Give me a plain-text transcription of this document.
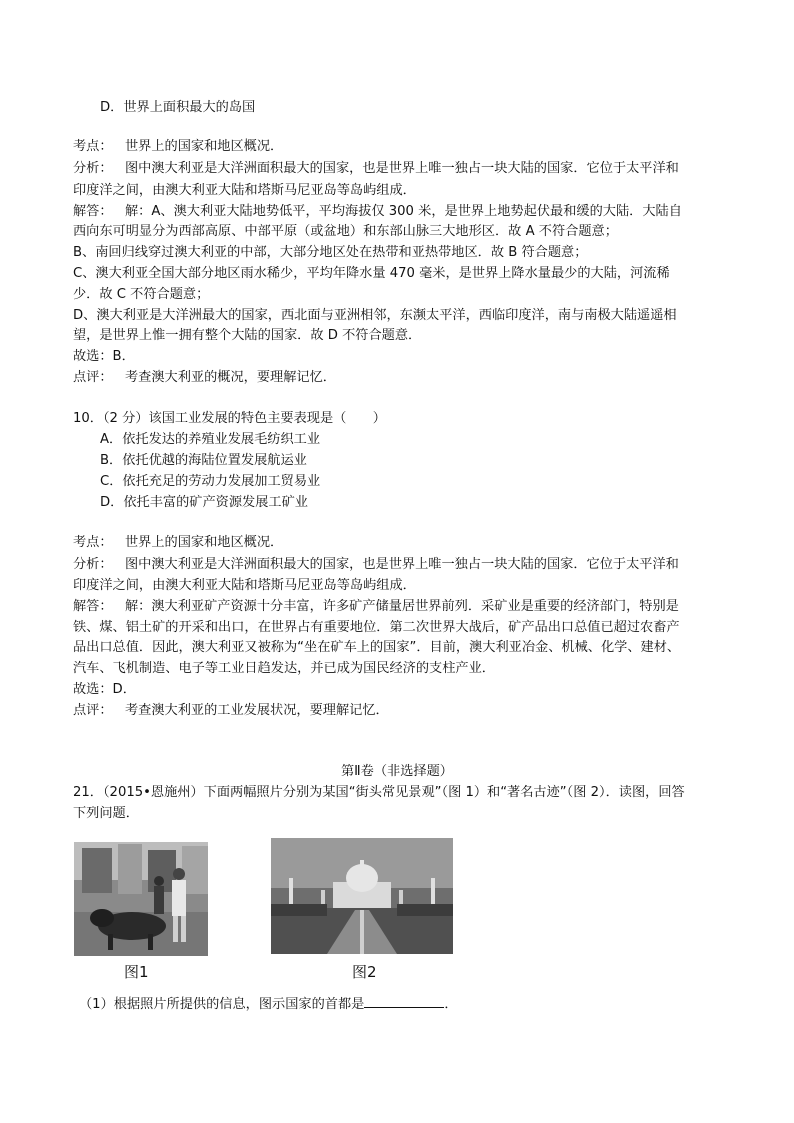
D．世界上面积最大的岛国
考点： 世界上的国家和地区概况．
分析： 图中澳大利亚是大洋洲面积最大的国家，也是世界上唯一独占一块大陆的国家．它位于太平洋和
印度洋之间，由澳大利亚大陆和塔斯马尼亚岛等岛屿组成．
解答： 解：A、澳大利亚大陆地势低平，平均海拔仅 300 米，是世界上地势起伏最和缓的大陆．大陆自
西向东可明显分为西部高原、中部平原（或盆地）和东部山脉三大地形区．故 A 不符合题意；
B、南回归线穿过澳大利亚的中部，大部分地区处在热带和亚热带地区．故 B 符合题意；
C、澳大利亚全国大部分地区雨水稀少，平均年降水量 470 毫米，是世界上降水量最少的大陆，河流稀
少．故 C 不符合题意；
D、澳大利亚是大洋洲最大的国家，西北面与亚洲相邻，东濒太平洋，西临印度洋，南与南极大陆遥遥相
望，是世界上惟一拥有整个大陆的国家．故 D 不符合题意．
故选：B．
点评： 考查澳大利亚的概况，要理解记忆．
10．（2 分）该国工业发展的特色主要表现是（　　）
A．依托发达的养殖业发展毛纺织工业
B．依托优越的海陆位置发展航运业
C．依托充足的劳动力发展加工贸易业
D．依托丰富的矿产资源发展工矿业
考点： 世界上的国家和地区概况．
分析： 图中澳大利亚是大洋洲面积最大的国家，也是世界上唯一独占一块大陆的国家．它位于太平洋和
印度洋之间，由澳大利亚大陆和塔斯马尼亚岛等岛屿组成．
解答： 解：澳大利亚矿产资源十分丰富，许多矿产储量居世界前列．采矿业是重要的经济部门，特别是
铁、煤、铝土矿的开采和出口，在世界占有重要地位．第二次世界大战后，矿产品出口总值已超过农畜产
品出口总值．因此，澳大利亚又被称为“坐在矿车上的国家”．目前，澳大利亚冶金、机械、化学、建材、
汽车、飞机制造、电子等工业日趋发达，并已成为国民经济的支柱产业．
故选：D．
点评： 考查澳大利亚的工业发展状况，要理解记忆．
第Ⅱ卷（非选择题）
21．（2015•恩施州）下面两幅照片分别为某国“街头常见景观”（图 1）和“著名古迹”（图 2）．读图，回答
下列问题．
图1	图2
（1）根据照片所提供的信息，图示国家的首都是	．
